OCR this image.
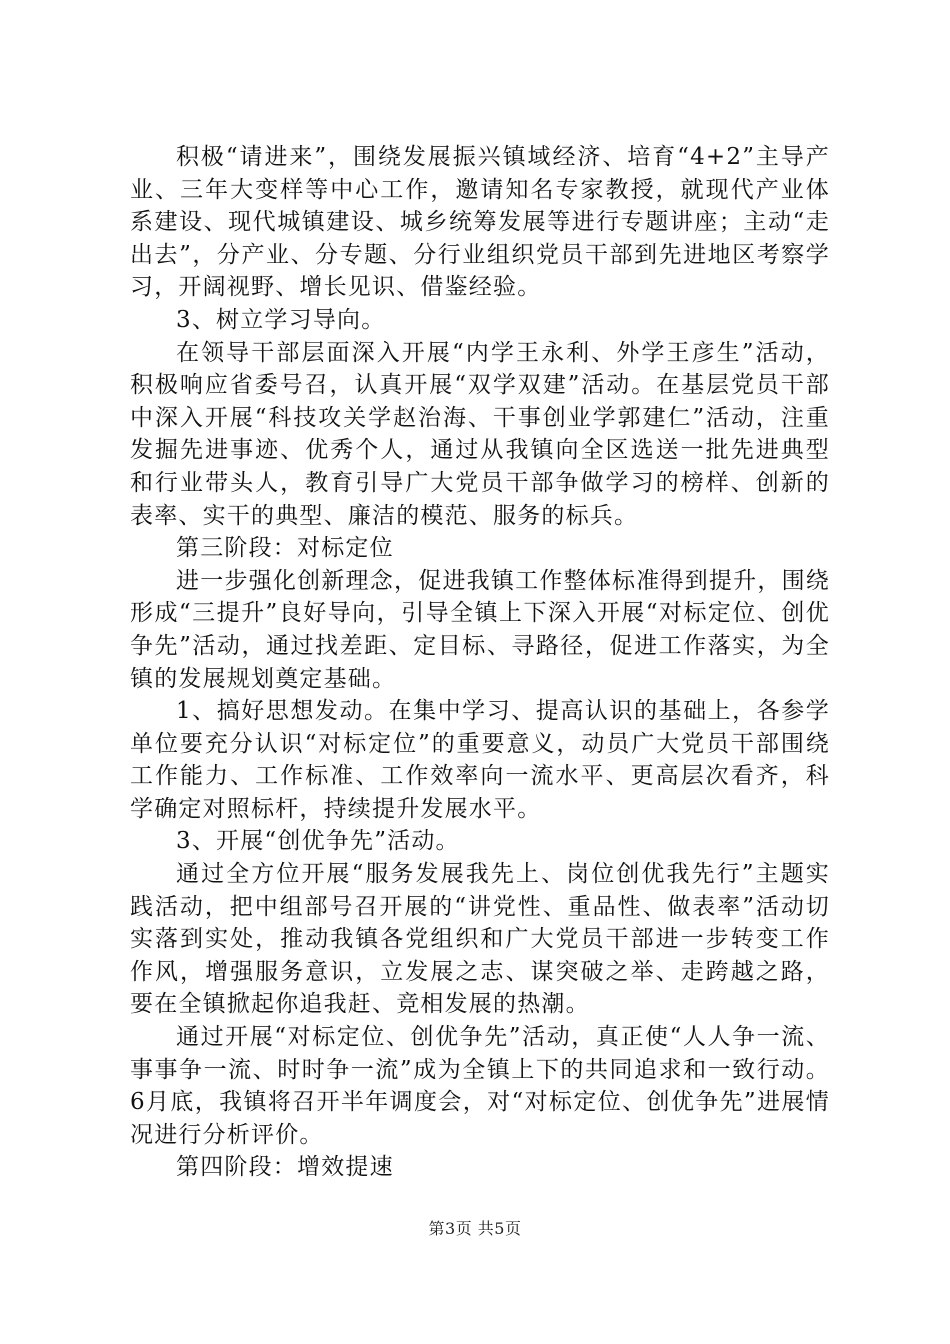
积极“请进来”，围绕发展振兴镇域经济、培育“4+2”主导产业、三年大变样等中心工作，邀请知名专家教授，就现代产业体系建设、现代城镇建设、城乡统筹发展等进行专题讲座；主动“走出去”，分产业、分专题、分行业组织党员干部到先进地区考察学习，开阔视野、增长见识、借鉴经验。

3、树立学习导向。

在领导干部层面深入开展“内学王永利、外学王彦生”活动，积极响应省委号召，认真开展“双学双建”活动。在基层党员干部中深入开展“科技攻关学赵治海、干事创业学郭建仁”活动，注重发掘先进事迹、优秀个人，通过从我镇向全区选送一批先进典型和行业带头人，教育引导广大党员干部争做学习的榜样、创新的表率、实干的典型、廉洁的模范、服务的标兵。

第三阶段：对标定位

进一步强化创新理念，促进我镇工作整体标准得到提升，围绕形成“三提升”良好导向，引导全镇上下深入开展“对标定位、创优争先”活动，通过找差距、定目标、寻路径，促进工作落实，为全镇的发展规划奠定基础。

1、搞好思想发动。在集中学习、提高认识的基础上，各参学单位要充分认识“对标定位”的重要意义，动员广大党员干部围绕工作能力、工作标准、工作效率向一流水平、更高层次看齐，科学确定对照标杆，持续提升发展水平。

3、开展“创优争先”活动。

通过全方位开展“服务发展我先上、岗位创优我先行”主题实践活动，把中组部号召开展的“讲党性、重品性、做表率”活动切实落到实处，推动我镇各党组织和广大党员干部进一步转变工作作风，增强服务意识，立发展之志、谋突破之举、走跨越之路，要在全镇掀起你追我赶、竞相发展的热潮。

通过开展“对标定位、创优争先”活动，真正使“人人争一流、事事争一流、时时争一流”成为全镇上下的共同追求和一致行动。6月底，我镇将召开半年调度会，对“对标定位、创优争先”进展情况进行分析评价。

第四阶段：增效提速

第3页 共5页
